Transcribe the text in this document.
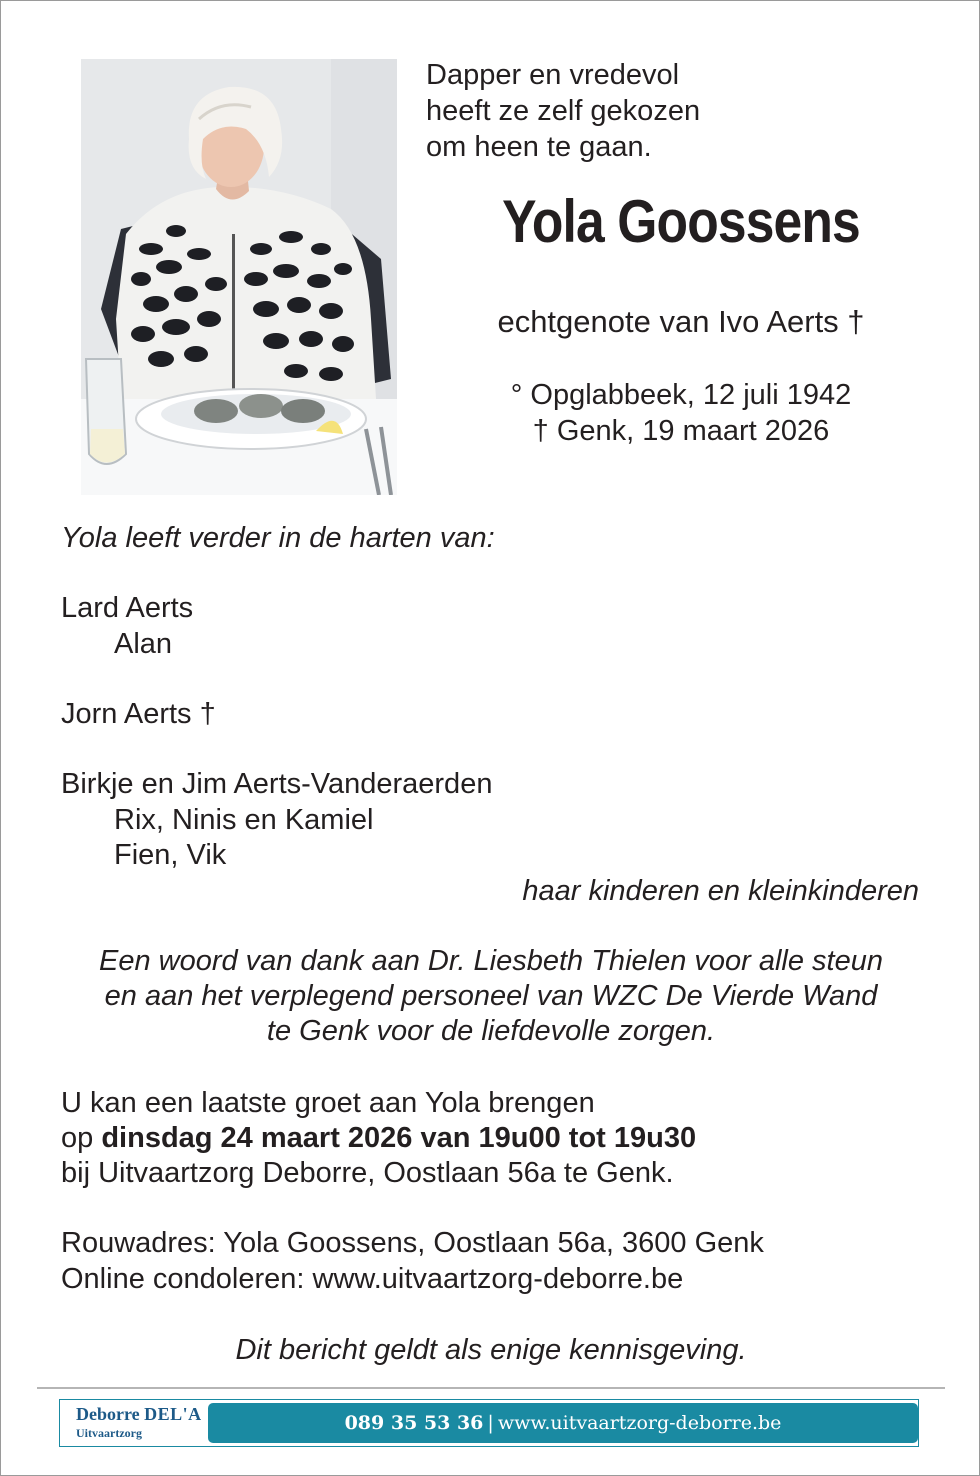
Dapper en vredevol
heeft ze zelf gekozen
om heen te gaan.
Yola Goossens
echtgenote van Ivo Aerts †
° Opglabbeek, 12 juli 1942
† Genk, 19 maart 2026
Yola leeft verder in de harten van:
Lard Aerts
Alan
Jorn Aerts †
Birkje en Jim Aerts-Vanderaerden
Rix, Ninis en Kamiel
Fien, Vik
haar kinderen en kleinkinderen
Een woord van dank aan Dr. Liesbeth Thielen voor alle steun
en aan het verplegend personeel van WZC De Vierde Wand
te Genk voor de liefdevolle zorgen.
U kan een laatste groet aan Yola brengen
op dinsdag 24 maart 2026 van 19u00 tot 19u30
bij Uitvaartzorg Deborre, Oostlaan 56a te Genk.
Rouwadres: Yola Goossens, Oostlaan 56a, 3600 Genk
Online condoleren: www.uitvaartzorg-deborre.be
Dit bericht geldt als enige kennisgeving.
Deborre DEL'A
Uitvaartzorg	089 35 53 36 | www.uitvaartzorg-deborre.be
